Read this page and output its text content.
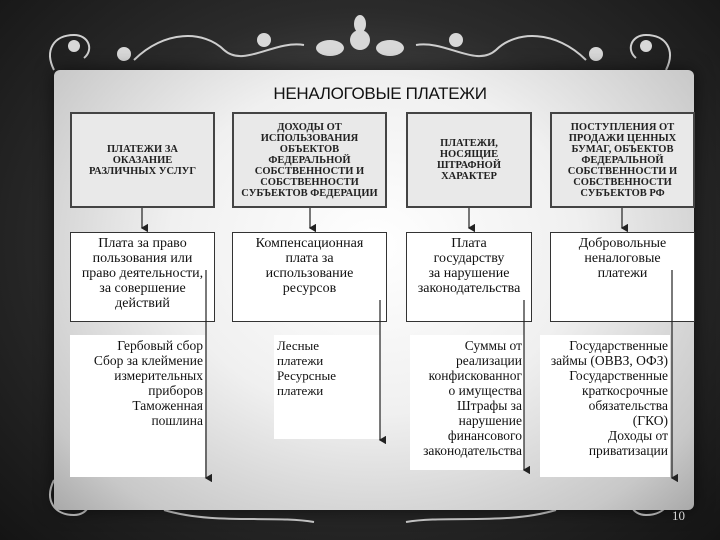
НЕНАЛОГОВЫЕ ПЛАТЕЖИ
ПЛАТЕЖИ ЗА
ОКАЗАНИЕ
РАЗЛИЧНЫХ УСЛУГ
ДОХОДЫ ОТ
ИСПОЛЬЗОВАНИЯ
ОБЪЕКТОВ
ФЕДЕРАЛЬНОЙ
СОБСТВЕННОСТИ И
СОБСТВЕННОСТИ
СУБЪЕКТОВ ФЕДЕРАЦИИ
ПЛАТЕЖИ,
НОСЯЩИЕ
ШТРАФНОЙ
ХАРАКТЕР
ПОСТУПЛЕНИЯ ОТ
ПРОДАЖИ ЦЕННЫХ
БУМАГ, ОБЪЕКТОВ
ФЕДЕРАЛЬНОЙ
СОБСТВЕННОСТИ И
СОБСТВЕННОСТИ
СУБЪЕКТОВ РФ
Плата за право
пользования или
право деятельности,
за совершение
действий
Компенсационная
плата за
использование
ресурсов
Плата
государству
за нарушение
законодательства
Добровольные
неналоговые
платежи
Гербовый сбор
Сбор за клеймение
измерительных
приборов
Таможенная
пошлина
Лесные
платежи
Ресурсные
платежи
Суммы от
реализации
конфискованног
о имущества
Штрафы за
нарушение
финансового
законодательства
Государственные
займы (ОВВЗ, ОФЗ)
Государственные
краткосрочные
обязательства
(ГКО)
Доходы от
приватизации
10
